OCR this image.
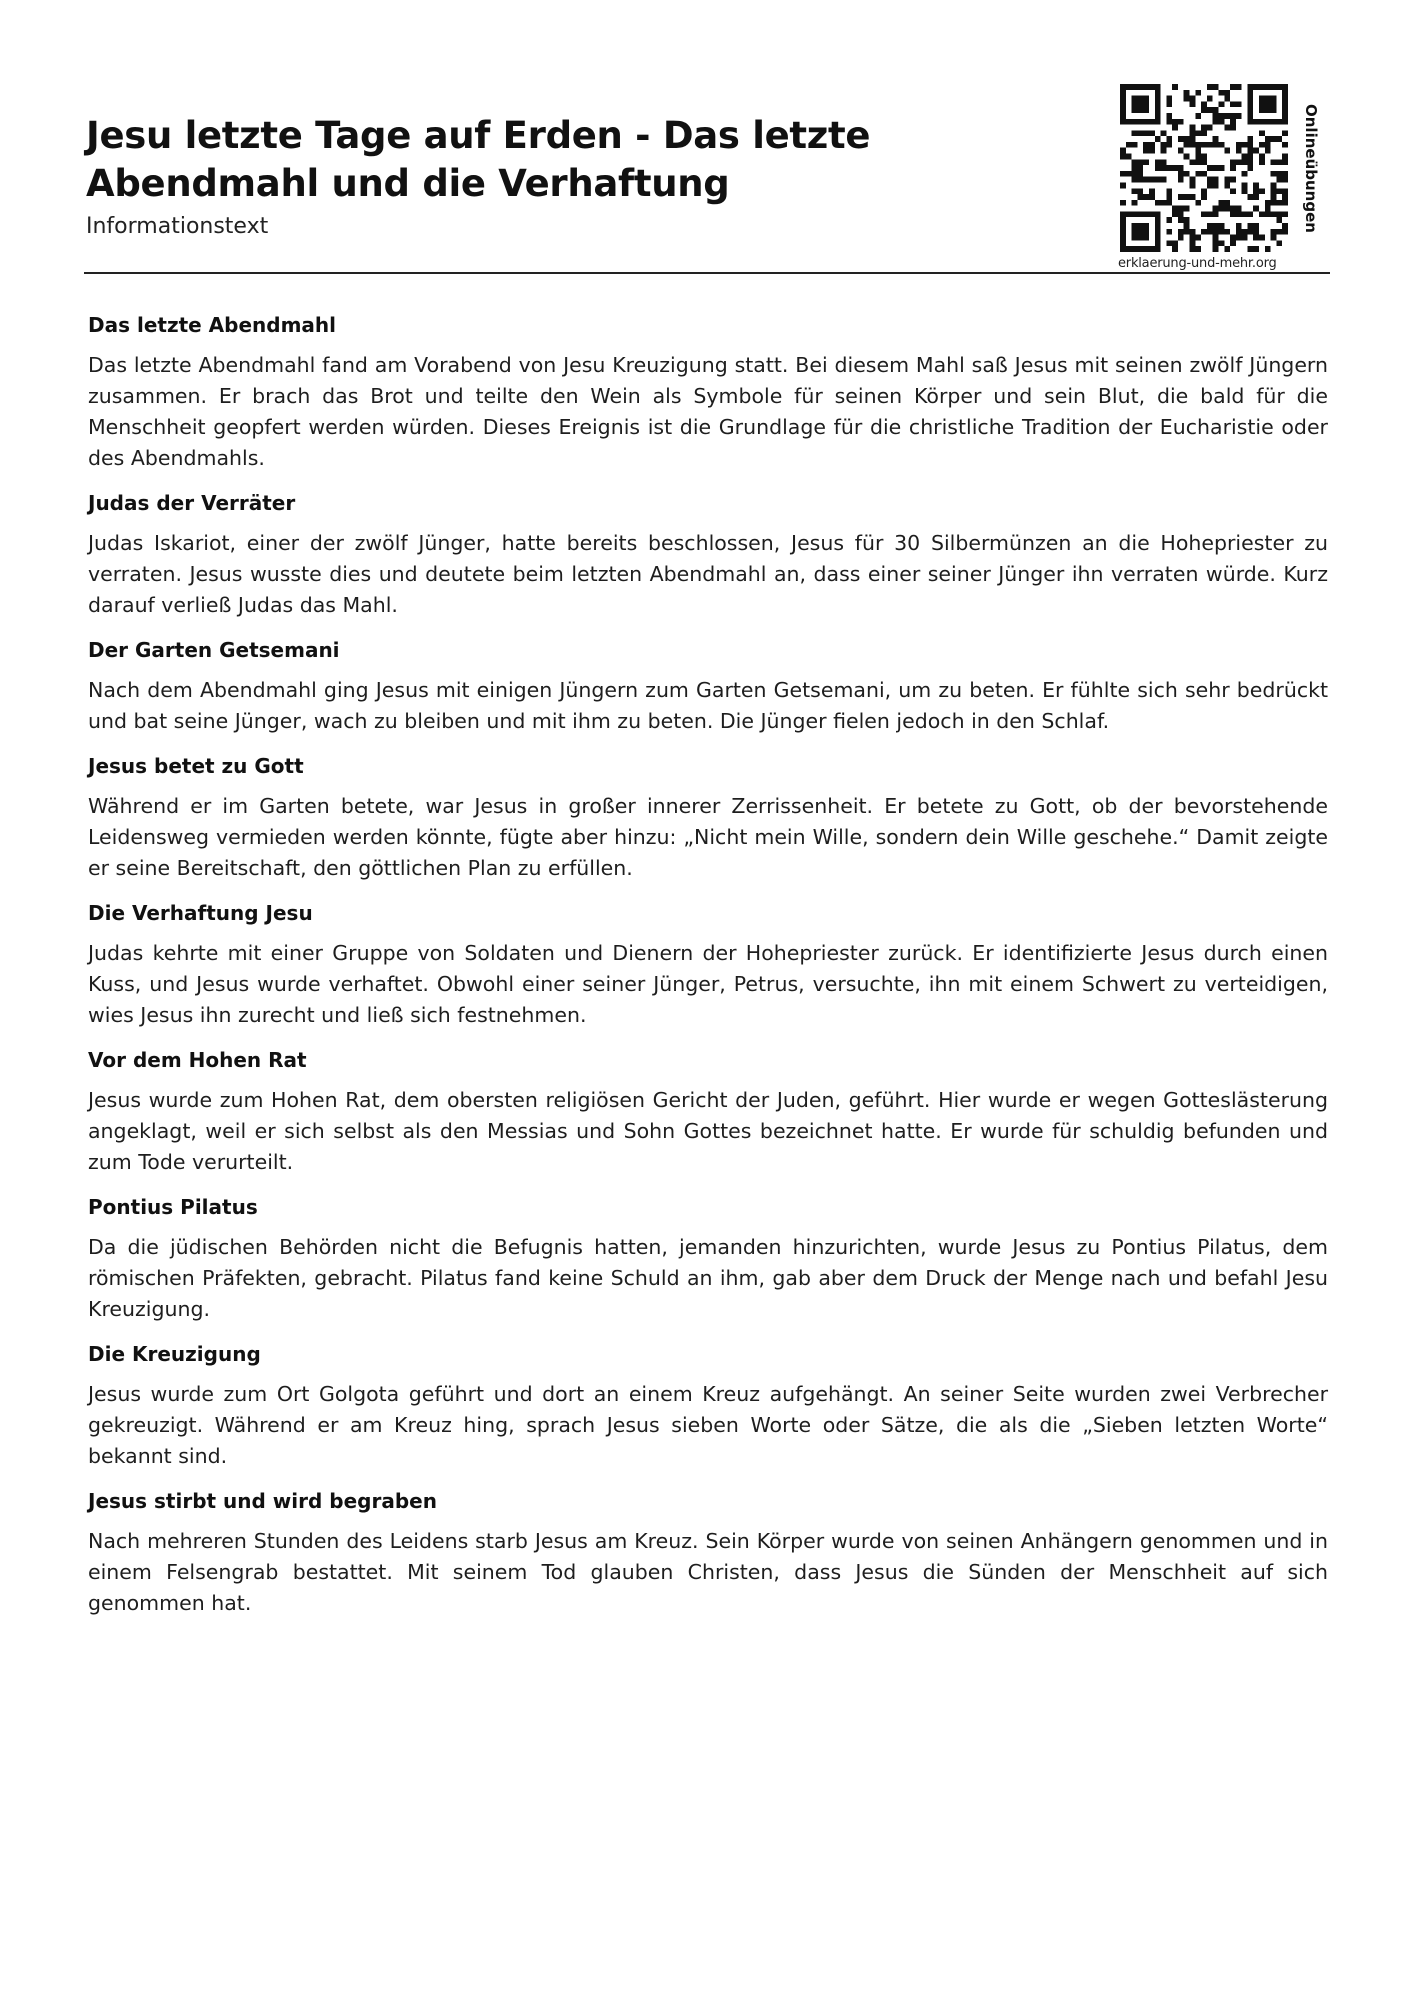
Jesu letzte Tage auf Erden - Das letzte
Abendmahl und die Verhaftung
Informationstext	Onlineübungen
erklaerung-und-mehr.org
Das letzte Abendmahl

Das letzte Abendmahl fand am Vorabend von Jesu Kreuzigung statt. Bei diesem Mahl saß Jesus mit seinen zwölf Jüngern zusammen. Er brach das Brot und teilte den Wein als Symbole für seinen Körper und sein Blut, die bald für die Menschheit geopfert werden würden. Dieses Ereignis ist die Grundlage für die christliche Tradition der Eucharistie oder des Abendmahls.

Judas der Verräter

Judas Iskariot, einer der zwölf Jünger, hatte bereits beschlossen, Jesus für 30 Silbermünzen an die Hohepriester zu verraten. Jesus wusste dies und deutete beim letzten Abendmahl an, dass einer seiner Jünger ihn verraten würde. Kurz darauf verließ Judas das Mahl.

Der Garten Getsemani

Nach dem Abendmahl ging Jesus mit einigen Jüngern zum Garten Getsemani, um zu beten. Er fühlte sich sehr bedrückt und bat seine Jünger, wach zu bleiben und mit ihm zu beten. Die Jünger fielen jedoch in den Schlaf.

Jesus betet zu Gott

Während er im Garten betete, war Jesus in großer innerer Zerrissenheit. Er betete zu Gott, ob der bevorstehende Leidensweg vermieden werden könnte, fügte aber hinzu: „Nicht mein Wille, sondern dein Wille geschehe.“ Damit zeigte er seine Bereitschaft, den göttlichen Plan zu erfüllen.

Die Verhaftung Jesu

Judas kehrte mit einer Gruppe von Soldaten und Dienern der Hohepriester zurück. Er identifizierte Jesus durch einen Kuss, und Jesus wurde verhaftet. Obwohl einer seiner Jünger, Petrus, versuchte, ihn mit einem Schwert zu verteidigen, wies Jesus ihn zurecht und ließ sich festnehmen.

Vor dem Hohen Rat

Jesus wurde zum Hohen Rat, dem obersten religiösen Gericht der Juden, geführt. Hier wurde er wegen Gotteslästerung angeklagt, weil er sich selbst als den Messias und Sohn Gottes bezeichnet hatte. Er wurde für schuldig befunden und zum Tode verurteilt.

Pontius Pilatus

Da die jüdischen Behörden nicht die Befugnis hatten, jemanden hinzurichten, wurde Jesus zu Pontius Pilatus, dem römischen Präfekten, gebracht. Pilatus fand keine Schuld an ihm, gab aber dem Druck der Menge nach und befahl Jesu Kreuzigung.

Die Kreuzigung

Jesus wurde zum Ort Golgota geführt und dort an einem Kreuz aufgehängt. An seiner Seite wurden zwei Verbrecher gekreuzigt. Während er am Kreuz hing, sprach Jesus sieben Worte oder Sätze, die als die „Sieben letzten Worte“ bekannt sind.

Jesus stirbt und wird begraben

Nach mehreren Stunden des Leidens starb Jesus am Kreuz. Sein Körper wurde von seinen Anhängern genommen und in einem Felsengrab bestattet. Mit seinem Tod glauben Christen, dass Jesus die Sünden der Menschheit auf sich genommen hat.
